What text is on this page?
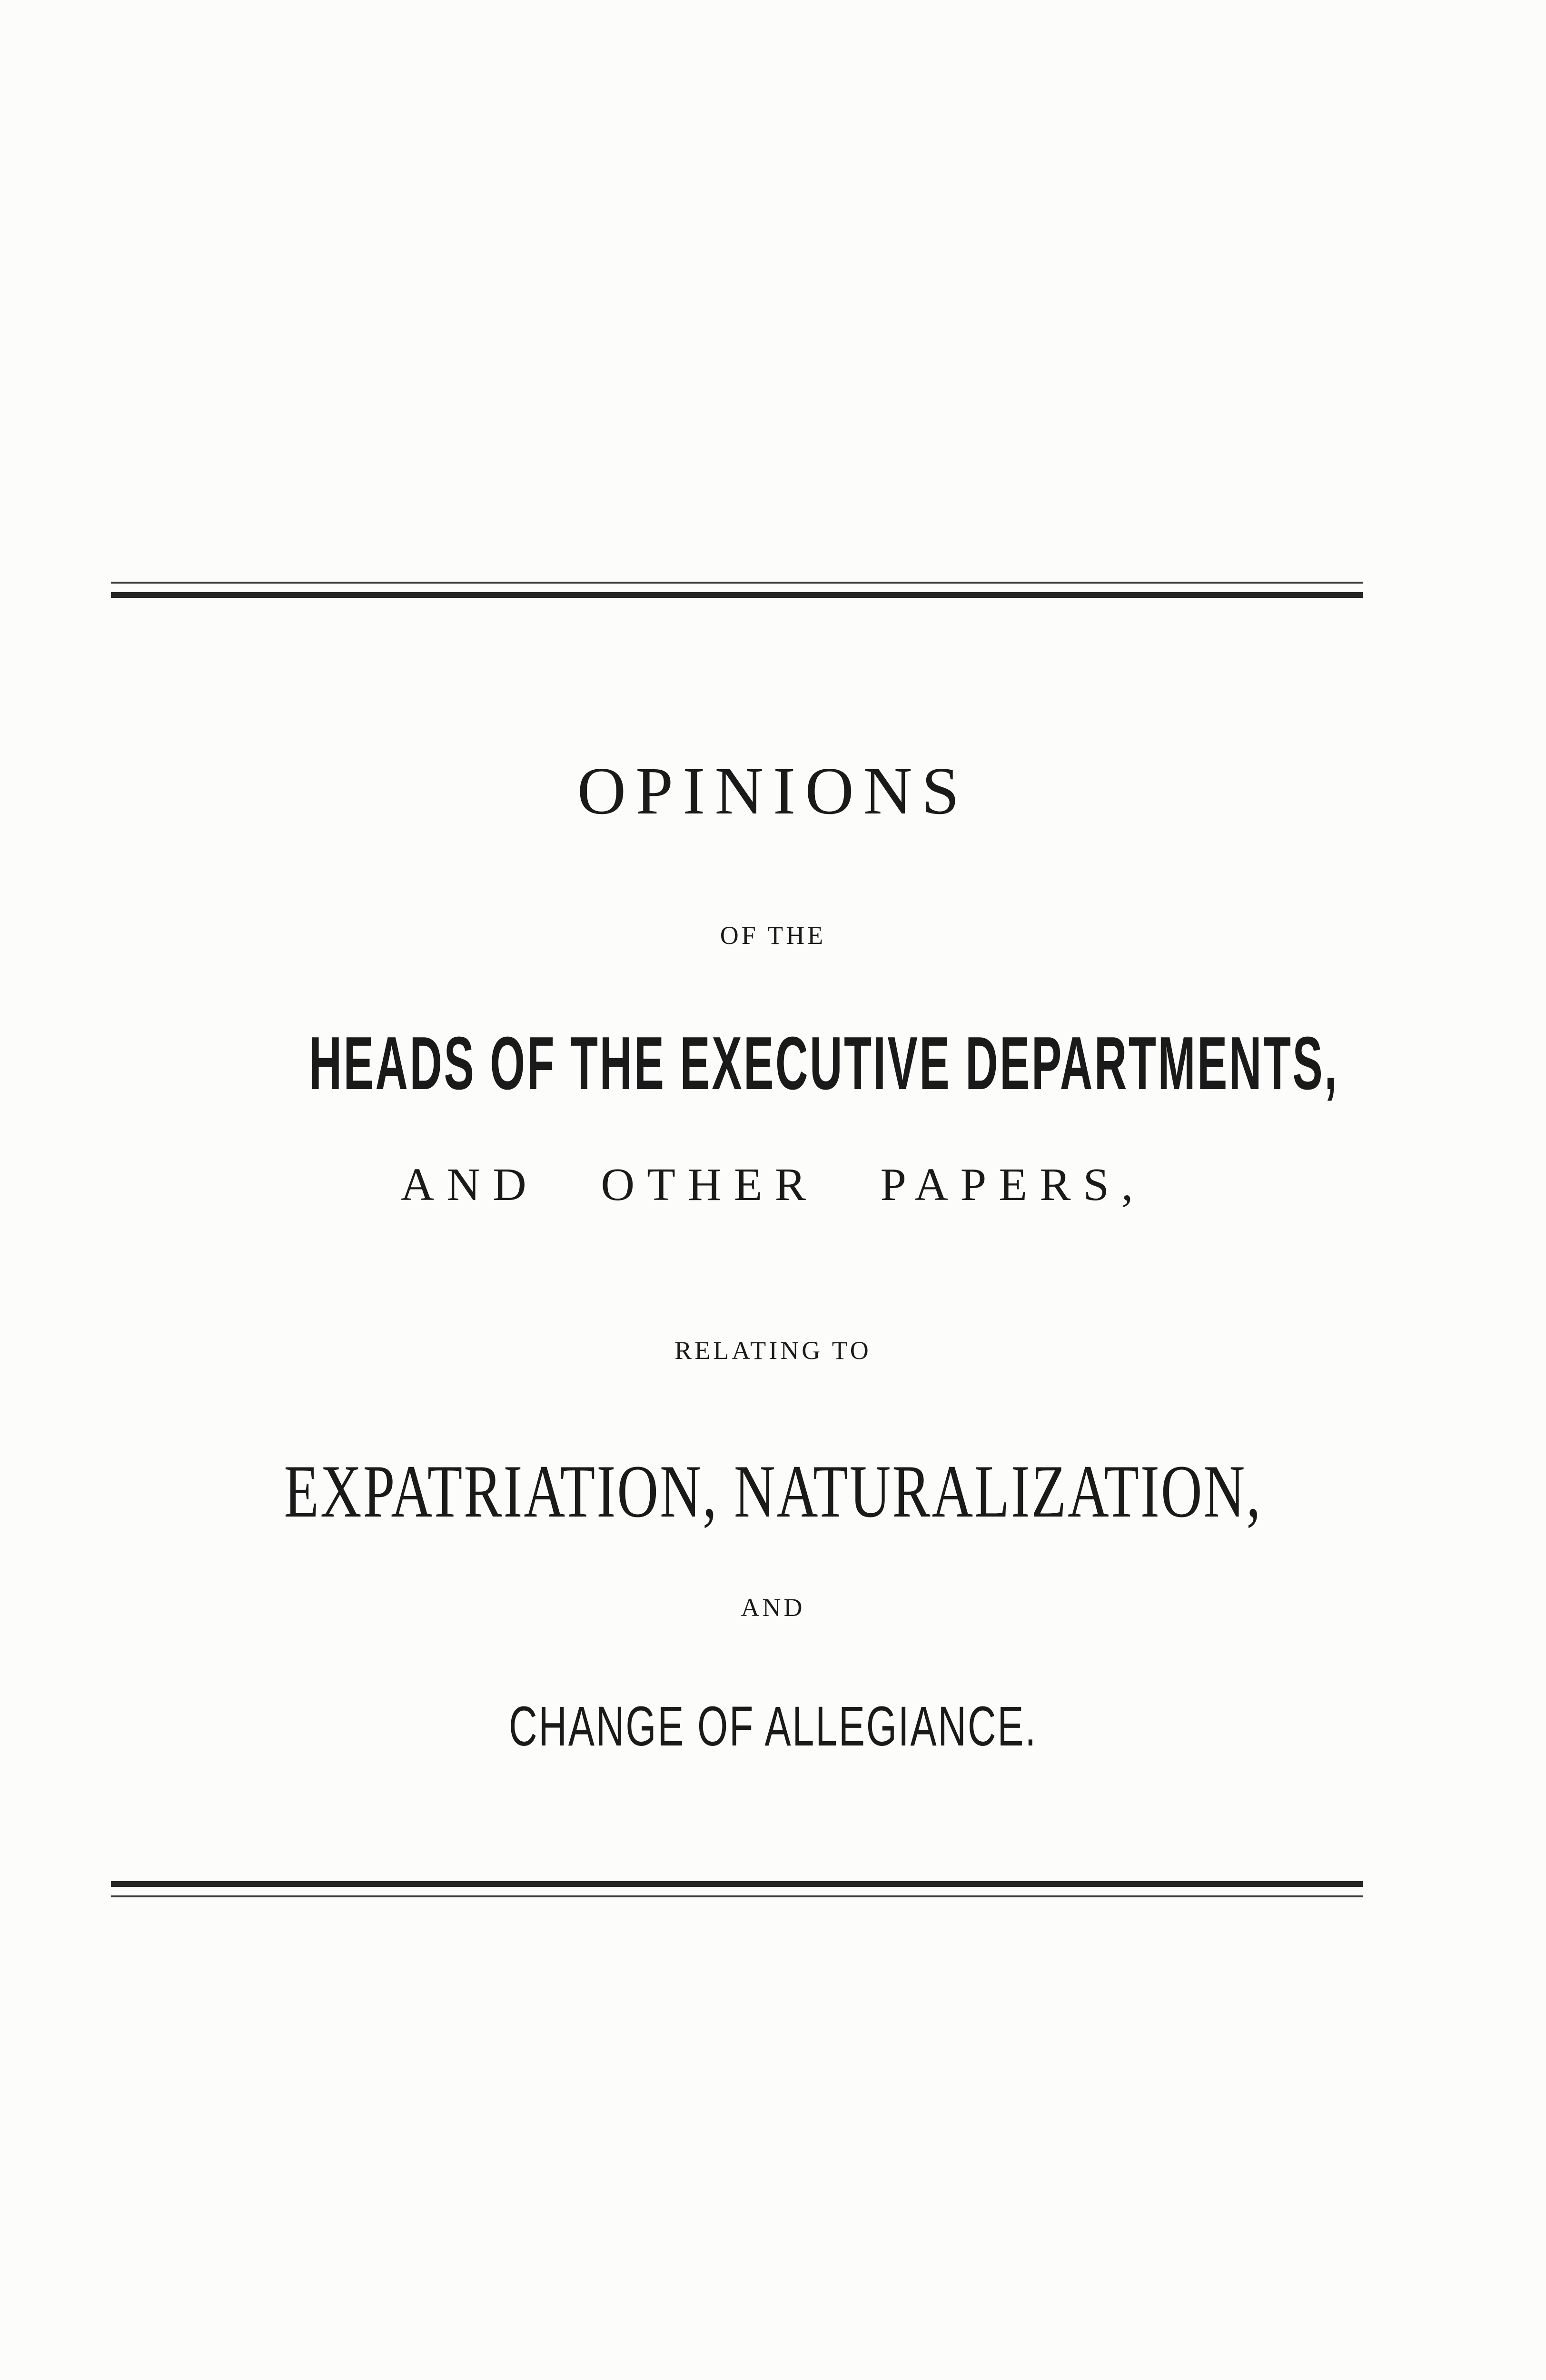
OPINIONS
OF THE
HEADS OF THE EXECUTIVE DEPARTMENTS,
AND OTHER PAPERS,
RELATING TO
EXPATRIATION, NATURALIZATION,
AND
CHANGE OF ALLEGIANCE.
